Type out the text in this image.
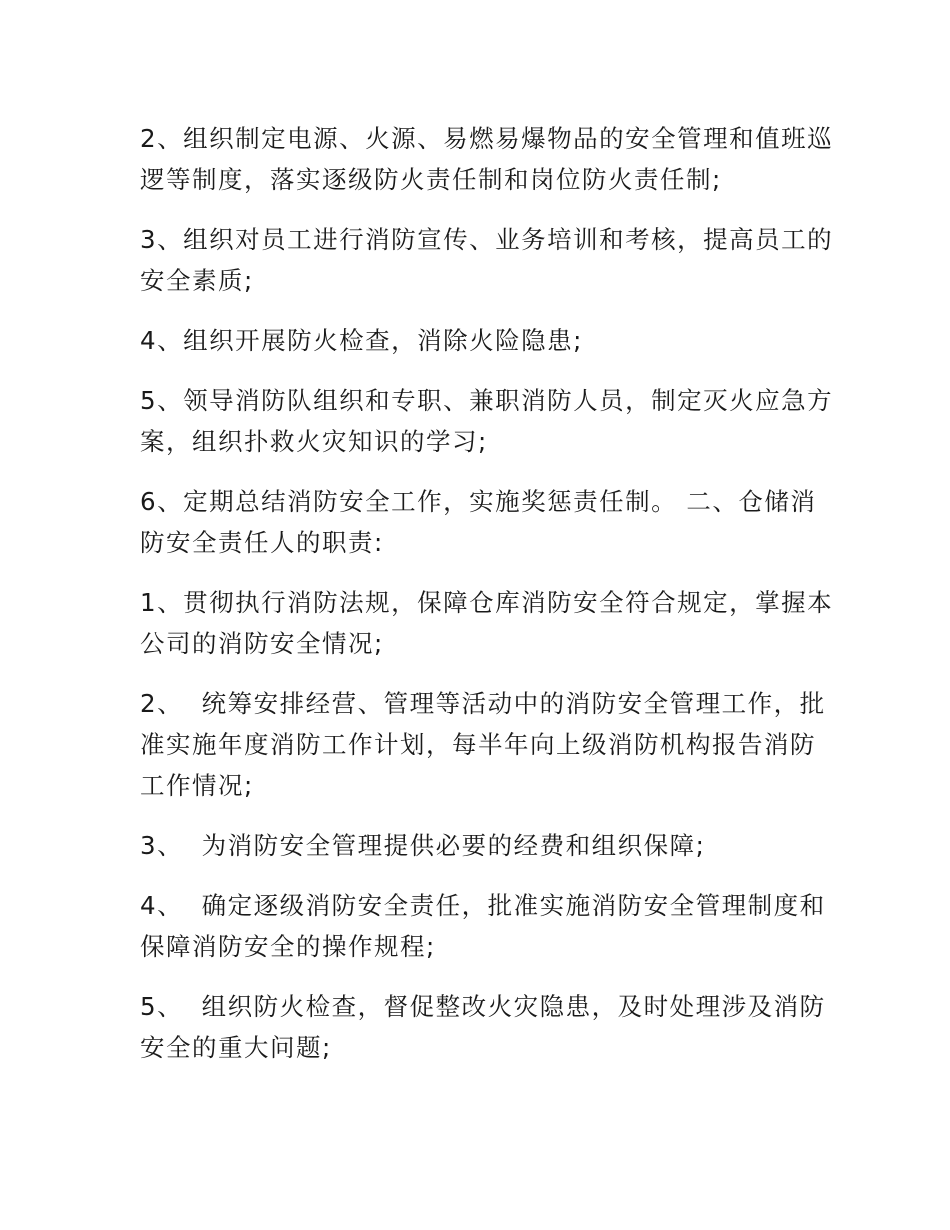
2、组织制定电源、火源、易燃易爆物品的安全管理和值班巡逻等制度，落实逐级防火责任制和岗位防火责任制;

3、组织对员工进行消防宣传、业务培训和考核，提高员工的安全素质;

4、组织开展防火检查，消除火险隐患;

5、领导消防队组织和专职、兼职消防人员，制定灭火应急方案，组织扑救火灾知识的学习;

6、定期总结消防安全工作，实施奖惩责任制。 二、仓储消防安全责任人的职责:

1、贯彻执行消防法规，保障仓库消防安全符合规定，掌握本公司的消防安全情况;

2、  统筹安排经营、管理等活动中的消防安全管理工作，批准实施年度消防工作计划，每半年向上级消防机构报告消防工作情况;

3、  为消防安全管理提供必要的经费和组织保障;

4、  确定逐级消防安全责任，批准实施消防安全管理制度和保障消防安全的操作规程;

5、  组织防火检查，督促整改火灾隐患，及时处理涉及消防安全的重大问题;
